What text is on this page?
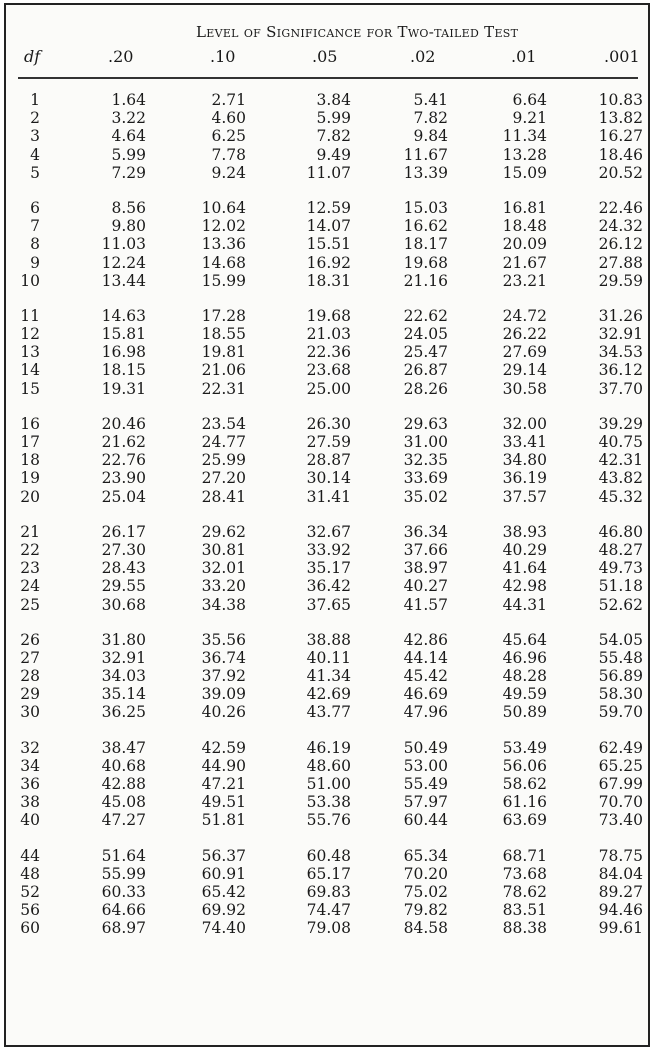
Level of Significance for Two-tailed Test
df	.20	.10	.05	.02	.01	.001
1	1.64	2.71	3.84	5.41	6.64	10.83
2	3.22	4.60	5.99	7.82	9.21	13.82
3	4.64	6.25	7.82	9.84	11.34	16.27
4	5.99	7.78	9.49	11.67	13.28	18.46
5	7.29	9.24	11.07	13.39	15.09	20.52
6	8.56	10.64	12.59	15.03	16.81	22.46
7	9.80	12.02	14.07	16.62	18.48	24.32
8	11.03	13.36	15.51	18.17	20.09	26.12
9	12.24	14.68	16.92	19.68	21.67	27.88
10	13.44	15.99	18.31	21.16	23.21	29.59
11	14.63	17.28	19.68	22.62	24.72	31.26
12	15.81	18.55	21.03	24.05	26.22	32.91
13	16.98	19.81	22.36	25.47	27.69	34.53
14	18.15	21.06	23.68	26.87	29.14	36.12
15	19.31	22.31	25.00	28.26	30.58	37.70
16	20.46	23.54	26.30	29.63	32.00	39.29
17	21.62	24.77	27.59	31.00	33.41	40.75
18	22.76	25.99	28.87	32.35	34.80	42.31
19	23.90	27.20	30.14	33.69	36.19	43.82
20	25.04	28.41	31.41	35.02	37.57	45.32
21	26.17	29.62	32.67	36.34	38.93	46.80
22	27.30	30.81	33.92	37.66	40.29	48.27
23	28.43	32.01	35.17	38.97	41.64	49.73
24	29.55	33.20	36.42	40.27	42.98	51.18
25	30.68	34.38	37.65	41.57	44.31	52.62
26	31.80	35.56	38.88	42.86	45.64	54.05
27	32.91	36.74	40.11	44.14	46.96	55.48
28	34.03	37.92	41.34	45.42	48.28	56.89
29	35.14	39.09	42.69	46.69	49.59	58.30
30	36.25	40.26	43.77	47.96	50.89	59.70
32	38.47	42.59	46.19	50.49	53.49	62.49
34	40.68	44.90	48.60	53.00	56.06	65.25
36	42.88	47.21	51.00	55.49	58.62	67.99
38	45.08	49.51	53.38	57.97	61.16	70.70
40	47.27	51.81	55.76	60.44	63.69	73.40
44	51.64	56.37	60.48	65.34	68.71	78.75
48	55.99	60.91	65.17	70.20	73.68	84.04
52	60.33	65.42	69.83	75.02	78.62	89.27
56	64.66	69.92	74.47	79.82	83.51	94.46
60	68.97	74.40	79.08	84.58	88.38	99.61
